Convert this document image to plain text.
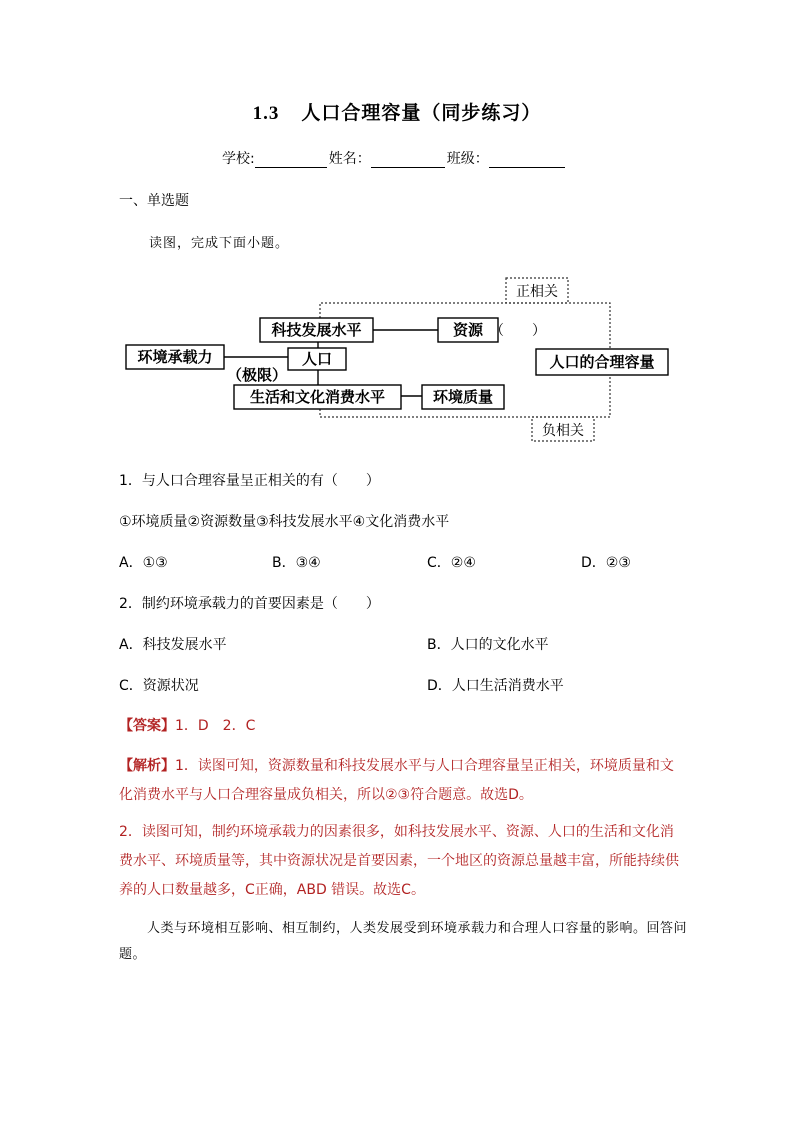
1.3 人口合理容量（同步练习）
学校:	姓名：	班级：
一、单选题
读图，完成下面小题。
科技发展水平	资源 （　　）
环境承载力	人口
（极限）
生活和文化消费水平	环境质量
人口的合理容量
正相关
负相关
1．与人口合理容量呈正相关的有（　　）
①环境质量②资源数量③科技发展水平④文化消费水平
A．①③	B．③④	C．②④	D．②③
2．制约环境承载力的首要因素是（　　）
A．科技发展水平	B．人口的文化水平
C．资源状况	D．人口生活消费水平
【答案】1．D　2．C
【解析】1．读图可知，资源数量和科技发展水平与人口合理容量呈正相关，环境质量和文化消费水平与人口合理容量成负相关，所以②③符合题意。故选D。
2．读图可知，制约环境承载力的因素很多，如科技发展水平、资源、人口的生活和文化消费水平、环境质量等，其中资源状况是首要因素，一个地区的资源总量越丰富，所能持续供养的人口数量越多，C正确，ABD 错误。故选C。
人类与环境相互影响、相互制约，人类发展受到环境承载力和合理人口容量的影响。回答问题。
